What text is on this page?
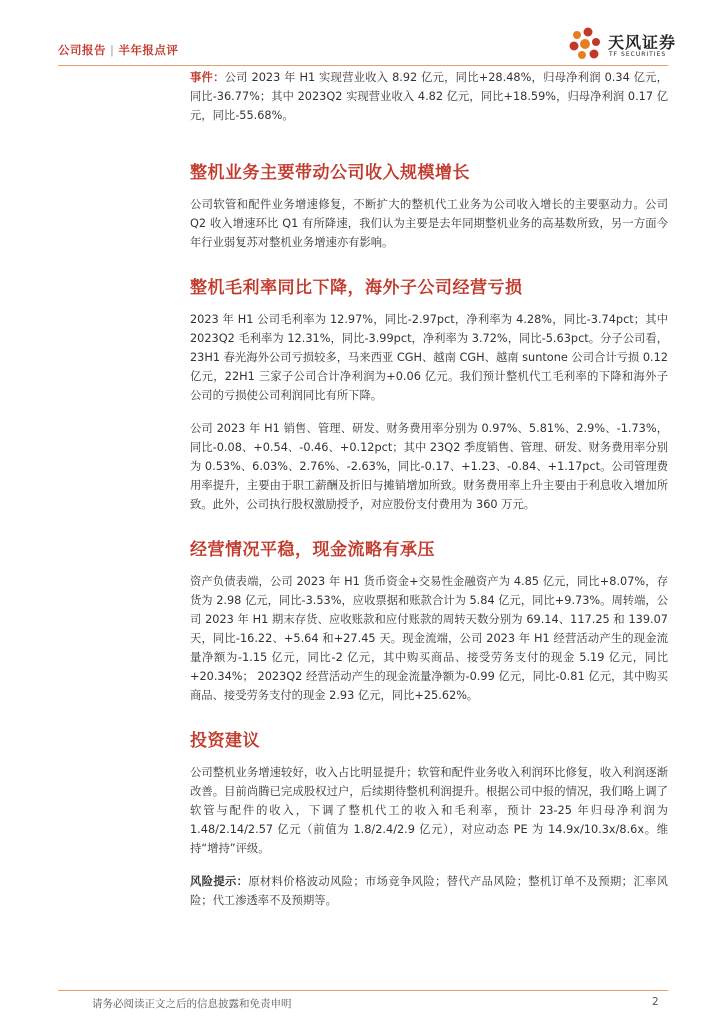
公司报告 | 半年报点评	天风证券
TF SECURITIES

事件：公司 2023 年 H1 实现营业收入 8.92 亿元，同比+28.48%，归母净利润 0.34 亿元，同比-36.77%；其中 2023Q2 实现营业收入 4.82 亿元，同比+18.59%，归母净利润 0.17 亿元，同比-55.68%。

整机业务主要带动公司收入规模增长

公司软管和配件业务增速修复，不断扩大的整机代工业务为公司收入增长的主要驱动力。公司 Q2 收入增速环比 Q1 有所降速，我们认为主要是去年同期整机业务的高基数所致，另一方面今年行业弱复苏对整机业务增速亦有影响。

整机毛利率同比下降，海外子公司经营亏损

2023 年 H1 公司毛利率为 12.97%，同比-2.97pct，净利率为 4.28%，同比-3.74pct；其中 2023Q2 毛利率为 12.31%，同比-3.99pct，净利率为 3.72%，同比-5.63pct。分子公司看，23H1 春光海外公司亏损较多，马来西亚 CGH、越南 CGH、越南 suntone 公司合计亏损 0.12 亿元，22H1 三家子公司合计净利润为+0.06 亿元。我们预计整机代工毛利率的下降和海外子公司的亏损使公司利润同比有所下降。

公司 2023 年 H1 销售、管理、研发、财务费用率分别为 0.97%、5.81%、2.9%、-1.73%，同比-0.08、+0.54、-0.46、+0.12pct；其中 23Q2 季度销售、管理、研发、财务费用率分别为 0.53%、6.03%、2.76%、-2.63%，同比-0.17、+1.23、-0.84、+1.17pct。公司管理费用率提升，主要由于职工薪酬及折旧与摊销增加所致。财务费用率上升主要由于利息收入增加所致。此外，公司执行股权激励授予，对应股份支付费用为 360 万元。

经营情况平稳，现金流略有承压

资产负债表端，公司 2023 年 H1 货币资金+交易性金融资产为 4.85 亿元，同比+8.07%，存货为 2.98 亿元，同比-3.53%，应收票据和账款合计为 5.84 亿元，同比+9.73%。周转端，公司 2023 年 H1 期末存货、应收账款和应付账款的周转天数分别为 69.14、117.25 和 139.07 天，同比-16.22、+5.64 和+27.45 天。现金流端，公司 2023 年 H1 经营活动产生的现金流量净额为-1.15 亿元，同比-2 亿元，其中购买商品、接受劳务支付的现金 5.19 亿元，同比+20.34%； 2023Q2 经营活动产生的现金流量净额为-0.99 亿元，同比-0.81 亿元，其中购买商品、接受劳务支付的现金 2.93 亿元，同比+25.62%。

投资建议

公司整机业务增速较好，收入占比明显提升；软管和配件业务收入利润环比修复，收入利润逐渐改善。目前尚腾已完成股权过户，后续期待整机利润提升。根据公司中报的情况，我们略上调了软管与配件的收入，下调了整机代工的收入和毛利率，预计 23-25 年归母净利润为 1.48/2.14/2.57 亿元（前值为 1.8/2.4/2.9 亿元），对应动态 PE 为 14.9x/10.3x/8.6x。维持“增持”评级。

风险提示：原材料价格波动风险；市场竞争风险；替代产品风险；整机订单不及预期；汇率风险；代工渗透率不及预期等。

请务必阅读正文之后的信息披露和免责申明	2
